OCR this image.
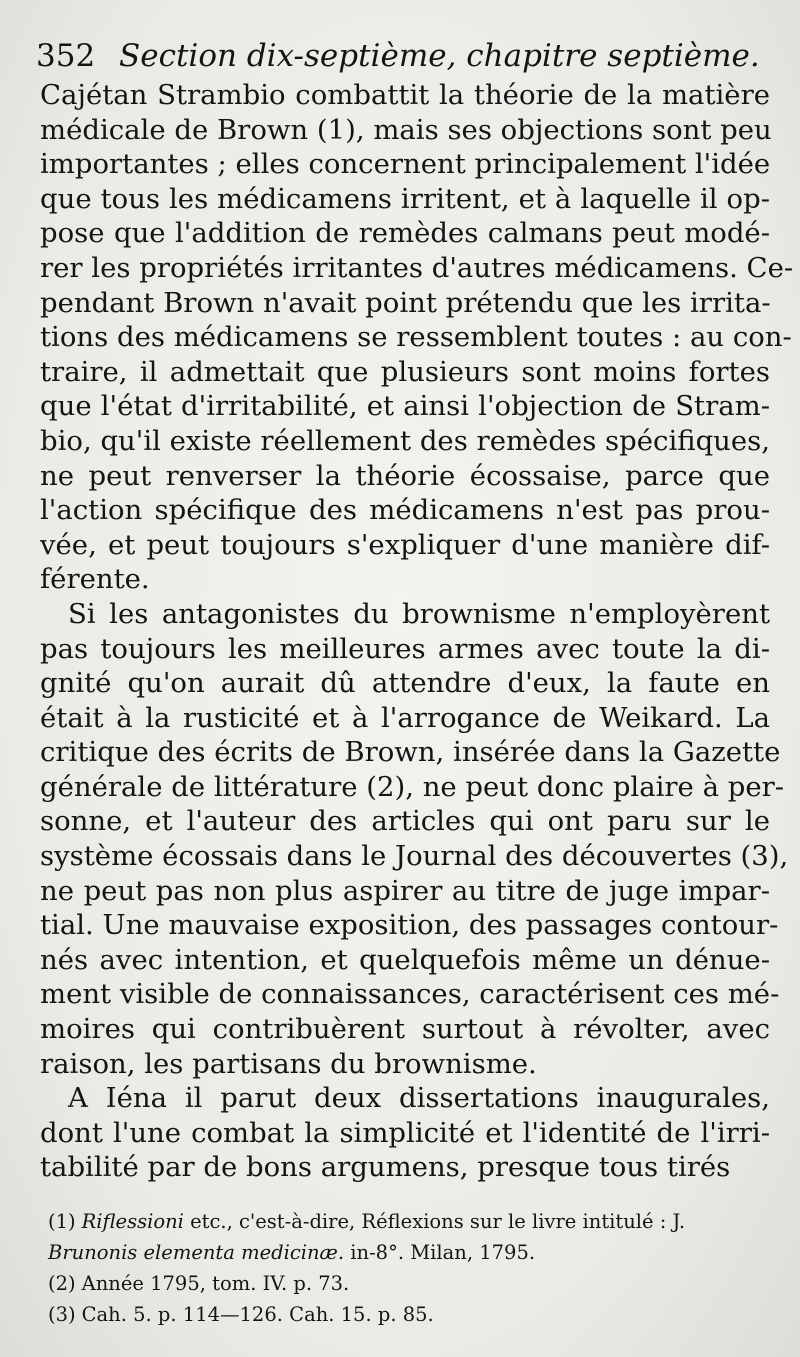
352 Section dix-septième, chapitre septième.

Cajétan Strambio combattit la théorie de la matière
médicale de Brown (1), mais ses objections sont peu
importantes ; elles concernent principalement l'idée
que tous les médicamens irritent, et à laquelle il op-
pose que l'addition de remèdes calmans peut modé-
rer les propriétés irritantes d'autres médicamens. Ce-
pendant Brown n'avait point prétendu que les irrita-
tions des médicamens se ressemblent toutes : au con-
traire, il admettait que plusieurs sont moins fortes
que l'état d'irritabilité, et ainsi l'objection de Stram-
bio, qu'il existe réellement des remèdes spécifiques,
ne peut renverser la théorie écossaise, parce que
l'action spécifique des médicamens n'est pas prou-
vée, et peut toujours s'expliquer d'une manière dif-
férente.

Si les antagonistes du brownisme n'employèrent
pas toujours les meilleures armes avec toute la di-
gnité qu'on aurait dû attendre d'eux, la faute en
était à la rusticité et à l'arrogance de Weikard. La
critique des écrits de Brown, insérée dans la Gazette
générale de littérature (2), ne peut donc plaire à per-
sonne, et l'auteur des articles qui ont paru sur le
système écossais dans le Journal des découvertes (3),
ne peut pas non plus aspirer au titre de juge impar-
tial. Une mauvaise exposition, des passages contour-
nés avec intention, et quelquefois même un dénue-
ment visible de connaissances, caractérisent ces mé-
moires qui contribuèrent surtout à révolter, avec
raison, les partisans du brownisme.

A Iéna il parut deux dissertations inaugurales,
dont l'une combat la simplicité et l'identité de l'irri-
tabilité par de bons argumens, presque tous tirés

(1) Riflessioni etc., c'est-à-dire, Réflexions sur le livre intitulé : J.
Brunonis elementa medicinæ. in-8°. Milan, 1795.
(2) Année 1795, tom. IV. p. 73.
(3) Cah. 5. p. 114—126. Cah. 15. p. 85.
